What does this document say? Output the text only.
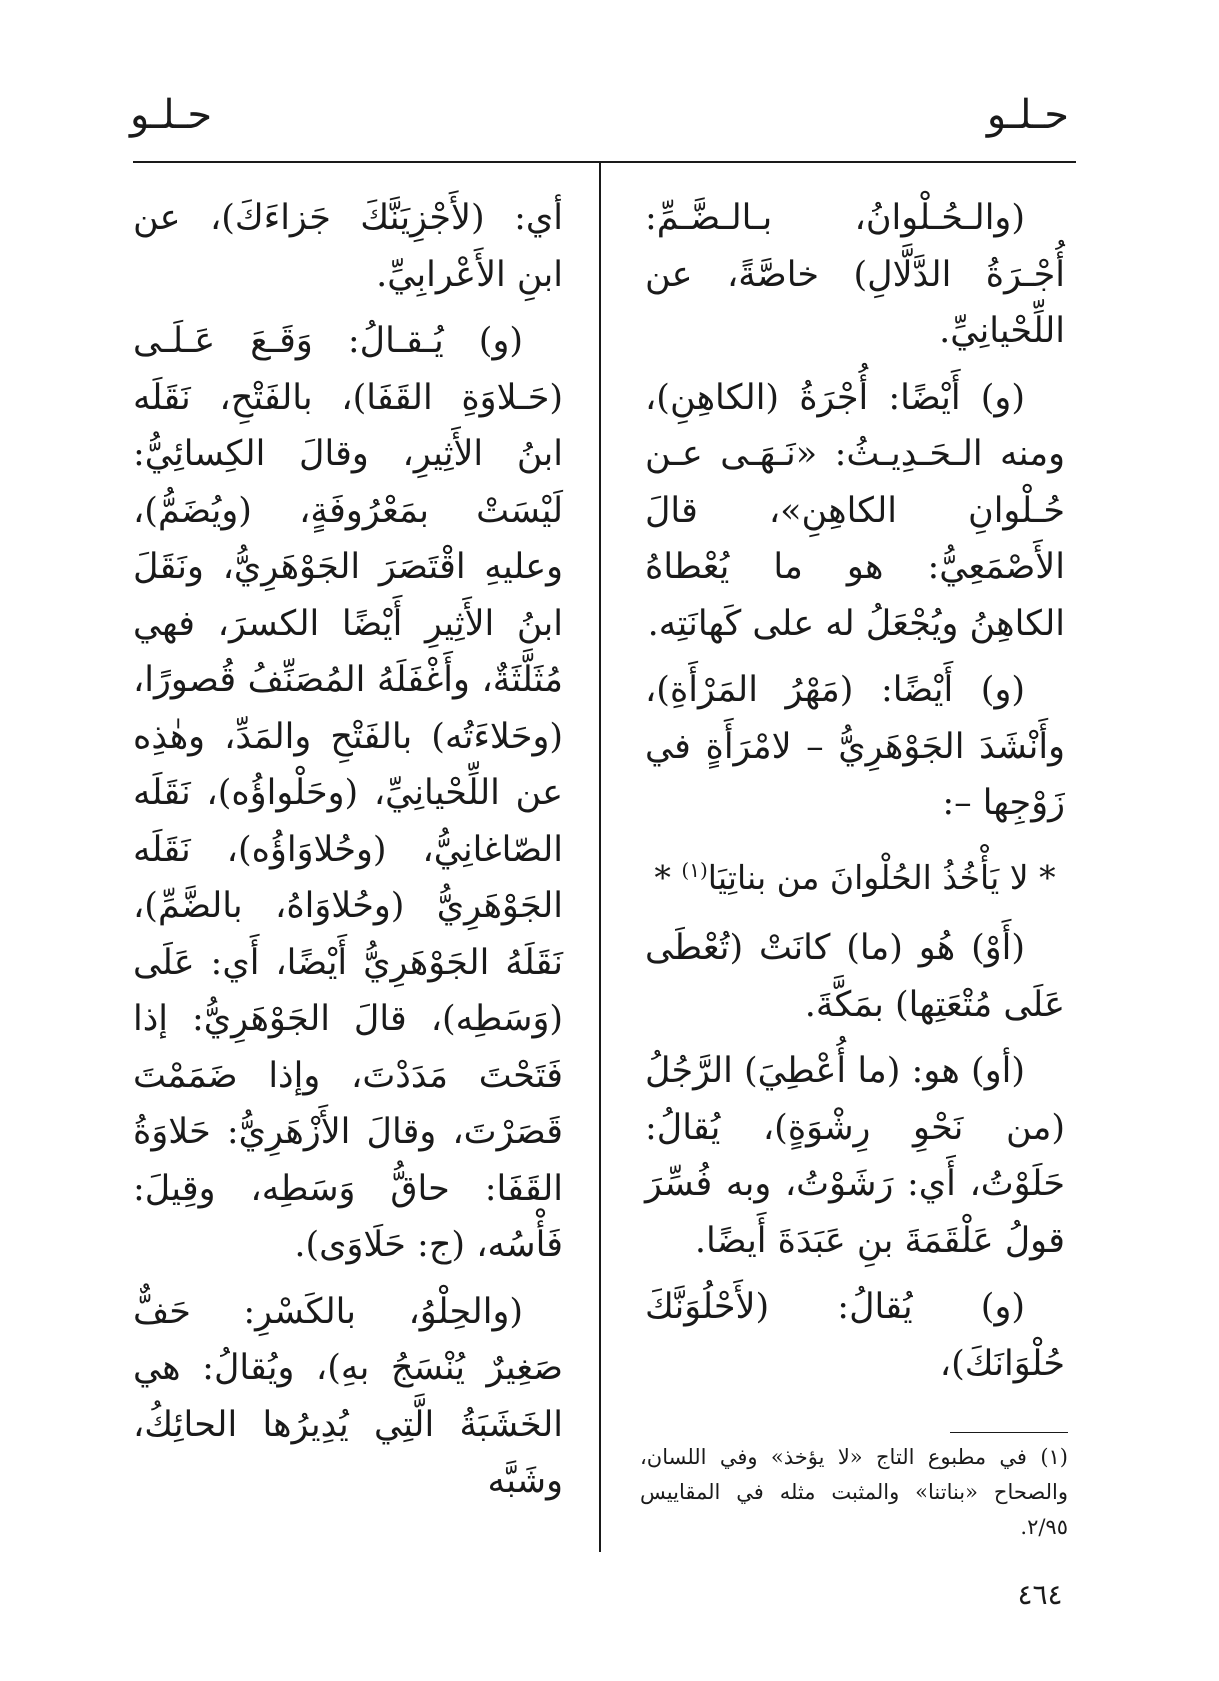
حـلـو
حـلـو

(والـحُـلْوانُ، بـالـضَّـمِّ: أُجْـرَةُ الدَّلَّالِ) خاصَّةً، عن اللِّحْيانِيِّ.

(و) أَيْضًا: أُجْرَةُ (الكاهِنِ)، ومنه الـحَـدِيـثُ: «نَـهَـى عـن حُـلْوانِ الكاهِنِ»، قالَ الأَصْمَعِيُّ: هو ما يُعْطاهُ الكاهِنُ ويُجْعَلُ له على كَهانَتِه.

(و) أَيْضًا: (مَهْرُ المَرْأَةِ)، وأَنْشَدَ الجَوْهَرِيُّ – لامْرَأَةٍ في زَوْجِها –:

* لا يَأْخُذُ الحُلْوانَ من بناتِيَا$^{(١)}$ *

(أَوْ) هُو (ما) كانَتْ (تُعْطَى عَلَى مُتْعَتِها) بمَكَّةَ.

(أو) هو: (ما أُعْطِيَ) الرَّجُلُ (من نَحْوِ رِشْوَةٍ)، يُقالُ: حَلَوْتُ، أَي: رَشَوْتُ، وبه فُسِّرَ قولُ عَلْقَمَةَ بنِ عَبَدَةَ أَيضًا.

(و) يُقالُ: (لأَحْلُوَنَّكَ حُلْوَانَكَ)،

أي: (لأَجْزِيَنَّكَ جَزاءَكَ)، عن ابنِ الأَعْرابِيِّ.

(و) يُـقـالُ: وَقَـعَ عَـلَـى (حَـلاوَةِ القَفَا)، بالفَتْحِ، نَقَلَه ابنُ الأَثِيرِ، وقالَ الكِسائِيُّ: لَيْسَتْ بمَعْرُوفَةٍ، (ويُضَمُّ)، وعليهِ اقْتَصَرَ الجَوْهَرِيُّ، ونَقَلَ ابنُ الأَثِيرِ أَيْضًا الكسرَ، فهي مُثَلَّثَةٌ، وأَغْفَلَهُ المُصَنِّفُ قُصورًا، (وحَلاءَتُه) بالفَتْحِ والمَدِّ، وهٰذِه عن اللِّحْيانِيِّ، (وحَلْواؤُه)، نَقَلَه الصّاغانِيُّ، (وحُلاوَاؤُه)، نَقَلَه الجَوْهَرِيُّ (وحُلاوَاهُ، بالضَّمِّ)، نَقَلَهُ الجَوْهَرِيُّ أَيْضًا، أَي: عَلَى (وَسَطِه)، قالَ الجَوْهَرِيُّ: إذا فَتَحْتَ مَدَدْتَ، وإذا ضَمَمْتَ قَصَرْتَ، وقالَ الأَزْهَرِيُّ: حَلاوَةُ القَفَا: حاقُّ وَسَطِه، وقِيلَ: فَأْسُه، (ج: حَلَاوَى).

(والحِلْوُ، بالكَسْرِ: حَفٌّ صَغِيرٌ يُنْسَجُ بهِ)، ويُقالُ: هي الخَشَبَةُ الَّتِي يُدِيرُها الحائِكُ، وشَبَّه

(١) في مطبوع التاج «لا يؤخذ» وفي اللسان، والصحاح «بناتنا» والمثبت مثله في المقاييس ٢/٩٥.
٤٦٤
